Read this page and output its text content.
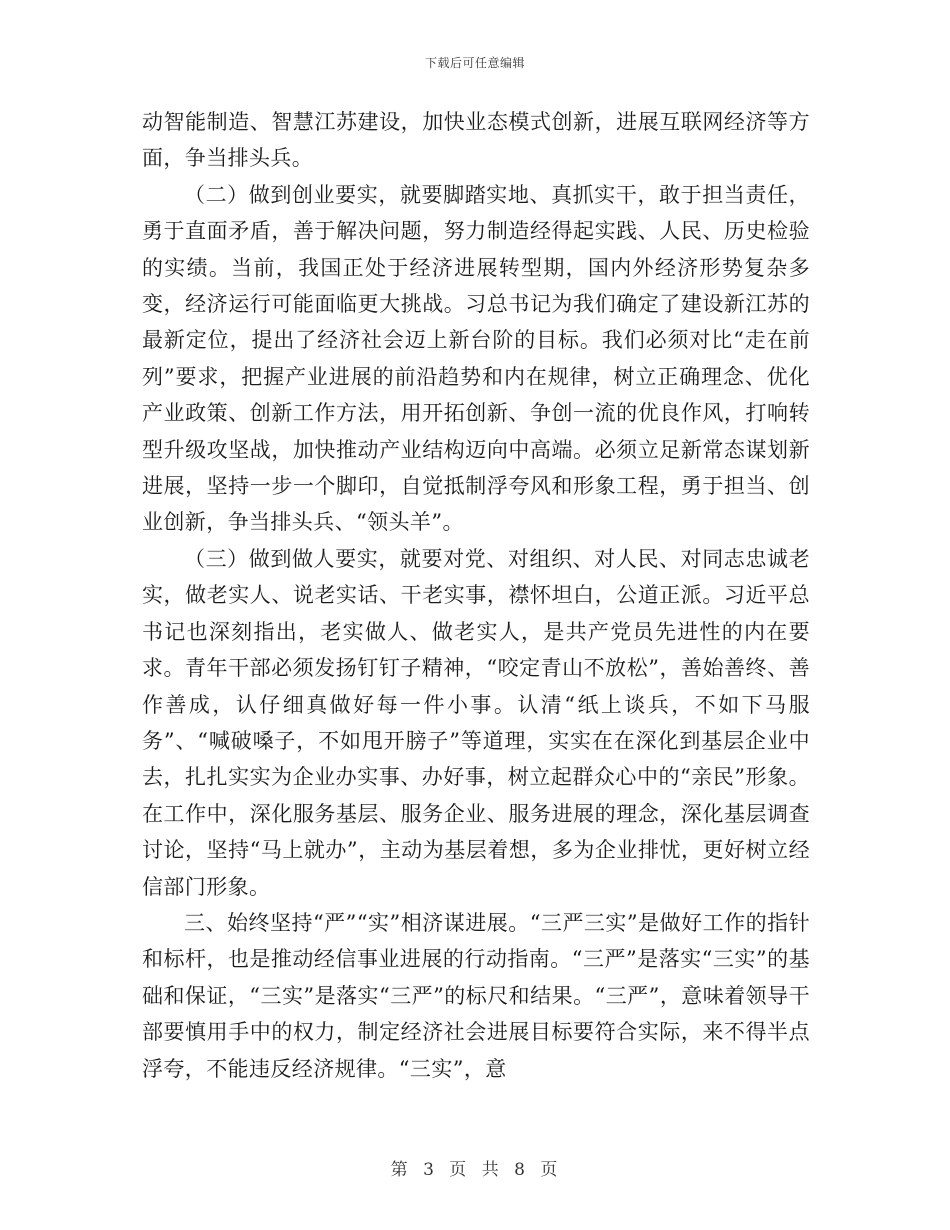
下载后可任意编辑

动智能制造、智慧江苏建设，加快业态模式创新，进展互联网经济等方面，争当排头兵。

（二）做到创业要实，就要脚踏实地、真抓实干，敢于担当责任，勇于直面矛盾，善于解决问题，努力制造经得起实践、人民、历史检验的实绩。当前，我国正处于经济进展转型期，国内外经济形势复杂多变，经济运行可能面临更大挑战。习总书记为我们确定了建设新江苏的最新定位，提出了经济社会迈上新台阶的目标。我们必须对比“走在前列”要求，把握产业进展的前沿趋势和内在规律，树立正确理念、优化产业政策、创新工作方法，用开拓创新、争创一流的优良作风，打响转型升级攻坚战，加快推动产业结构迈向中高端。必须立足新常态谋划新进展，坚持一步一个脚印，自觉抵制浮夸风和形象工程，勇于担当、创业创新，争当排头兵、“领头羊”。

（三）做到做人要实，就要对党、对组织、对人民、对同志忠诚老实，做老实人、说老实话、干老实事，襟怀坦白，公道正派。习近平总书记也深刻指出，老实做人、做老实人，是共产党员先进性的内在要求。青年干部必须发扬钉钉子精神，“咬定青山不放松”，善始善终、善作善成，认仔细真做好每一件小事。认清“纸上谈兵，不如下马服务”、“喊破嗓子，不如甩开膀子”等道理，实实在在深化到基层企业中去，扎扎实实为企业办实事、办好事，树立起群众心中的“亲民”形象。在工作中，深化服务基层、服务企业、服务进展的理念，深化基层调查讨论，坚持“马上就办”，主动为基层着想，多为企业排忧，更好树立经信部门形象。

三、始终坚持“严”“实”相济谋进展。“三严三实”是做好工作的指针和标杆，也是推动经信事业进展的行动指南。“三严”是落实“三实”的基础和保证，“三实”是落实“三严”的标尺和结果。“三严”，意味着领导干部要慎用手中的权力，制定经济社会进展目标要符合实际，来不得半点浮夸，不能违反经济规律。“三实”，意

第 3 页 共 8 页
